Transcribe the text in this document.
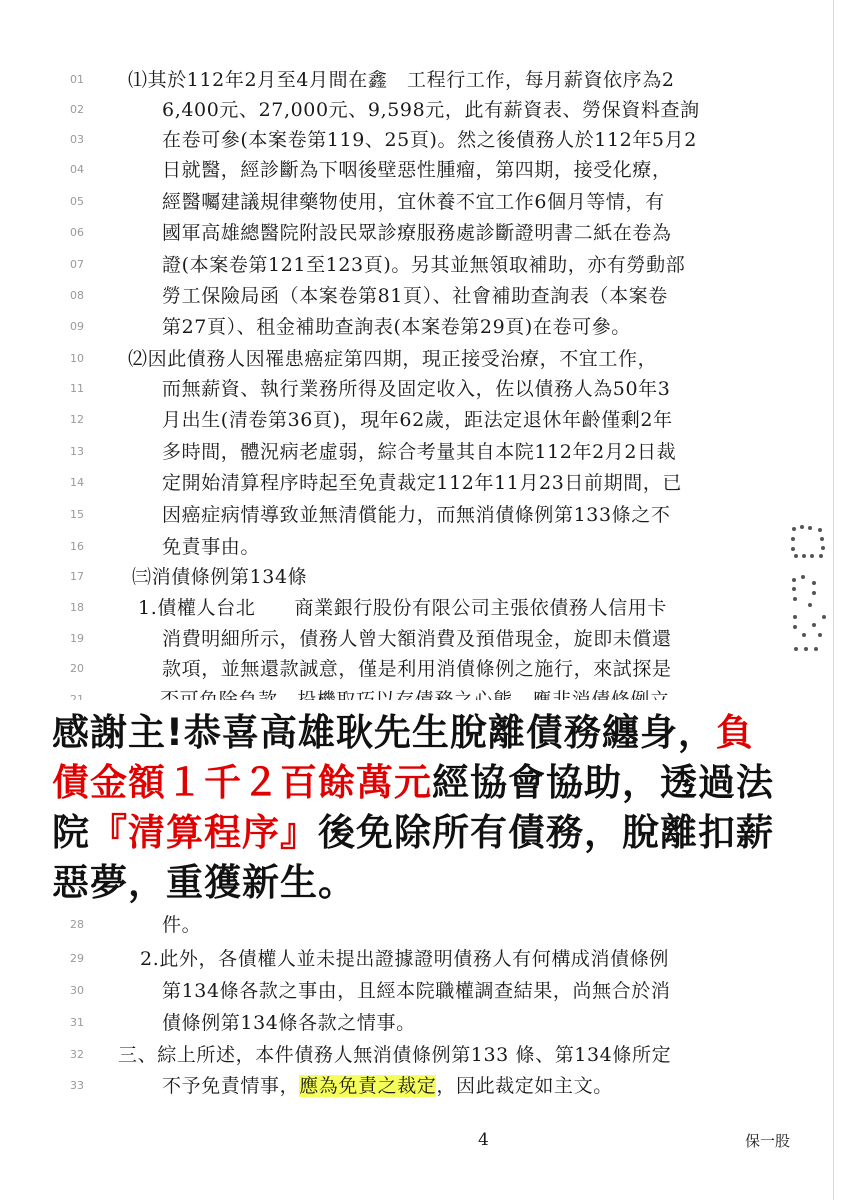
01	⑴其於112年2月至4月間在鑫　工程行工作，每月薪資依序為2
02	6,400元、27,000元、9,598元，此有薪資表、勞保資料查詢
03	在卷可參(本案卷第119、25頁)。然之後債務人於112年5月2
04	日就醫，經診斷為下咽後壁惡性腫瘤，第四期，接受化療，
05	經醫囑建議規律藥物使用，宜休養不宜工作6個月等情，有
06	國軍高雄總醫院附設民眾診療服務處診斷證明書二紙在卷為
07	證(本案卷第121至123頁)。另其並無領取補助，亦有勞動部
08	勞工保險局函（本案卷第81頁）、社會補助查詢表（本案卷
09	第27頁）、租金補助查詢表(本案卷第29頁)在卷可參。
10	⑵因此債務人因罹患癌症第四期，現正接受治療，不宜工作，
11	而無薪資、執行業務所得及固定收入，佐以債務人為50年3
12	月出生(清卷第36頁)，現年62歲，距法定退休年齡僅剩2年
13	多時間，體況病老虛弱，綜合考量其自本院112年2月2日裁
14	定開始清算程序時起至免責裁定112年11月23日前期間，已
15	因癌症病情導致並無清償能力，而無消債條例第133條之不
16	免責事由。
17	㈢消債條例第134條
18	1.債權人台北　　商業銀行股份有限公司主張依債務人信用卡
19	消費明細所示，債務人曾大額消費及預借現金，旋即未償還
20	款項，並無還款誠意，僅是利用消債條例之施行，來試探是
感謝主!恭喜高雄耿先生脫離債務纏身，負
債金額１千２百餘萬元經協會協助，透過法
院『清算程序』後免除所有債務，脫離扣薪
惡夢，重獲新生。
28	件。
29	2.此外，各債權人並未提出證據證明債務人有何構成消債條例
30	第134條各款之事由，且經本院職權調查結果，尚無合於消
31	債條例第134條各款之情事。
32	三、綜上所述，本件債務人無消債條例第133 條、第134條所定
33	不予免責情事，應為免責之裁定，因此裁定如主文。
4	保一股
